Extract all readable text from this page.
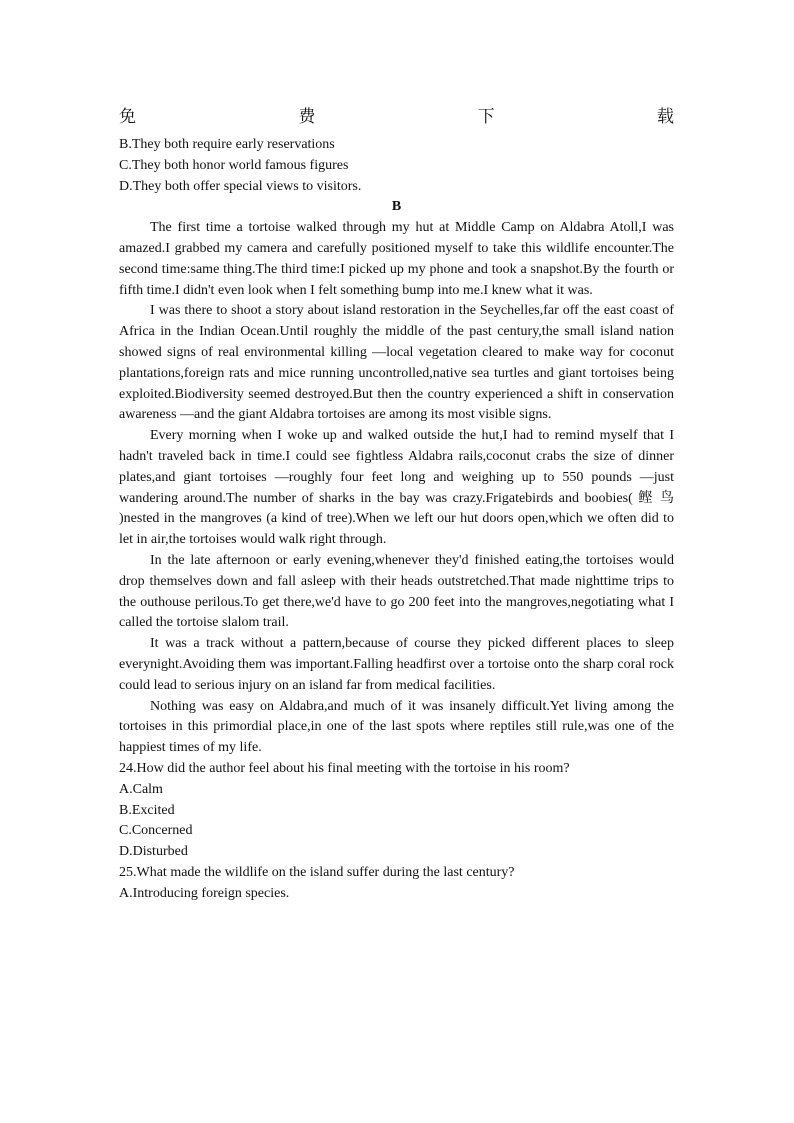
免	费	下	载
B.They both require early reservations
C.They both honor world famous figures
D.They both offer special views to visitors.
B

The first time a tortoise walked through my hut at Middle Camp on Aldabra Atoll,I was amazed.I grabbed my camera and carefully positioned myself to take this wildlife encounter.The second time:same thing.The third time:I picked up my phone and took a snapshot.By the fourth or fifth time.I didn't even look when I felt something bump into me.I knew what it was.

I was there to shoot a story about island restoration in the Seychelles,far off the east coast of Africa in the Indian Ocean.Until roughly the middle of the past century,the small island nation showed signs of real environmental killing —local vegetation cleared to make way for coconut plantations,foreign rats and mice running uncontrolled,native sea turtles and giant tortoises being exploited.Biodiversity seemed destroyed.But then the country experienced a shift in conservation awareness —and the giant Aldabra tortoises are among its most visible signs.

Every morning when I woke up and walked outside the hut,I had to remind myself that I hadn't traveled back in time.I could see fightless Aldabra rails,coconut crabs the size of dinner plates,and giant tortoises —roughly four feet long and weighing up to 550 pounds —just wandering around.The number of sharks in the bay was crazy.Frigatebirds and boobies( 鲣 鸟 )nested in the mangroves (a kind of tree).When we left our hut doors open,which we often did to let in air,the tortoises would walk right through.

In the late afternoon or early evening,whenever they'd finished eating,the tortoises would drop themselves down and fall asleep with their heads outstretched.That made nighttime trips to the outhouse perilous.To get there,we'd have to go 200 feet into the mangroves,negotiating what I called the tortoise slalom trail.

It was a track without a pattern,because of course they picked different places to sleep everynight.Avoiding them was important.Falling headfirst over a tortoise onto the sharp coral rock could lead to serious injury on an island far from medical facilities.

Nothing was easy on Aldabra,and much of it was insanely difficult.Yet living among the tortoises in this primordial place,in one of the last spots where reptiles still rule,was one of the happiest times of my life.

24.How did the author feel about his final meeting with the tortoise in his room?
A.Calm
B.Excited
C.Concerned
D.Disturbed
25.What made the wildlife on the island suffer during the last century?
A.Introducing foreign species.
